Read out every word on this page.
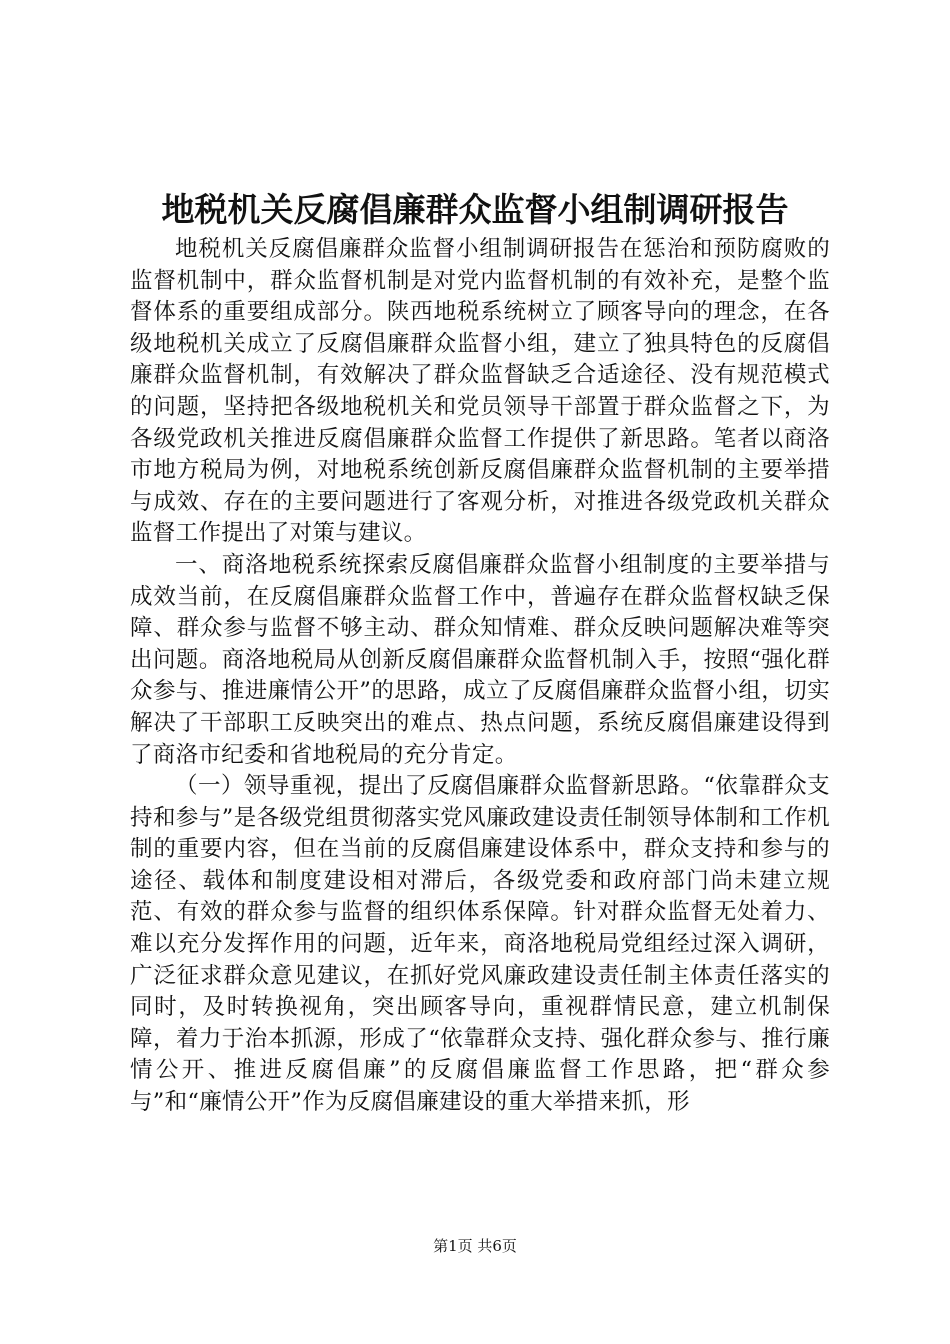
地税机关反腐倡廉群众监督小组制调研报告

地税机关反腐倡廉群众监督小组制调研报告在惩治和预防腐败的监督机制中，群众监督机制是对党内监督机制的有效补充，是整个监督体系的重要组成部分。陕西地税系统树立了顾客导向的理念，在各级地税机关成立了反腐倡廉群众监督小组，建立了独具特色的反腐倡廉群众监督机制，有效解决了群众监督缺乏合适途径、没有规范模式的问题，坚持把各级地税机关和党员领导干部置于群众监督之下，为各级党政机关推进反腐倡廉群众监督工作提供了新思路。笔者以商洛市地方税局为例，对地税系统创新反腐倡廉群众监督机制的主要举措与成效、存在的主要问题进行了客观分析，对推进各级党政机关群众监督工作提出了对策与建议。

一、商洛地税系统探索反腐倡廉群众监督小组制度的主要举措与成效当前，在反腐倡廉群众监督工作中，普遍存在群众监督权缺乏保障、群众参与监督不够主动、群众知情难、群众反映问题解决难等突出问题。商洛地税局从创新反腐倡廉群众监督机制入手，按照“强化群众参与、推进廉情公开”的思路，成立了反腐倡廉群众监督小组，切实解决了干部职工反映突出的难点、热点问题，系统反腐倡廉建设得到了商洛市纪委和省地税局的充分肯定。

（一）领导重视，提出了反腐倡廉群众监督新思路。“依靠群众支持和参与”是各级党组贯彻落实党风廉政建设责任制领导体制和工作机制的重要内容，但在当前的反腐倡廉建设体系中，群众支持和参与的途径、载体和制度建设相对滞后，各级党委和政府部门尚未建立规范、有效的群众参与监督的组织体系保障。针对群众监督无处着力、难以充分发挥作用的问题，近年来，商洛地税局党组经过深入调研，广泛征求群众意见建议，在抓好党风廉政建设责任制主体责任落实的同时，及时转换视角，突出顾客导向，重视群情民意，建立机制保障，着力于治本抓源，形成了“依靠群众支持、强化群众参与、推行廉情公开、推进反腐倡廉”的反腐倡廉监督工作思路，把“群众参与”和“廉情公开”作为反腐倡廉建设的重大举措来抓，形

第1页 共6页
